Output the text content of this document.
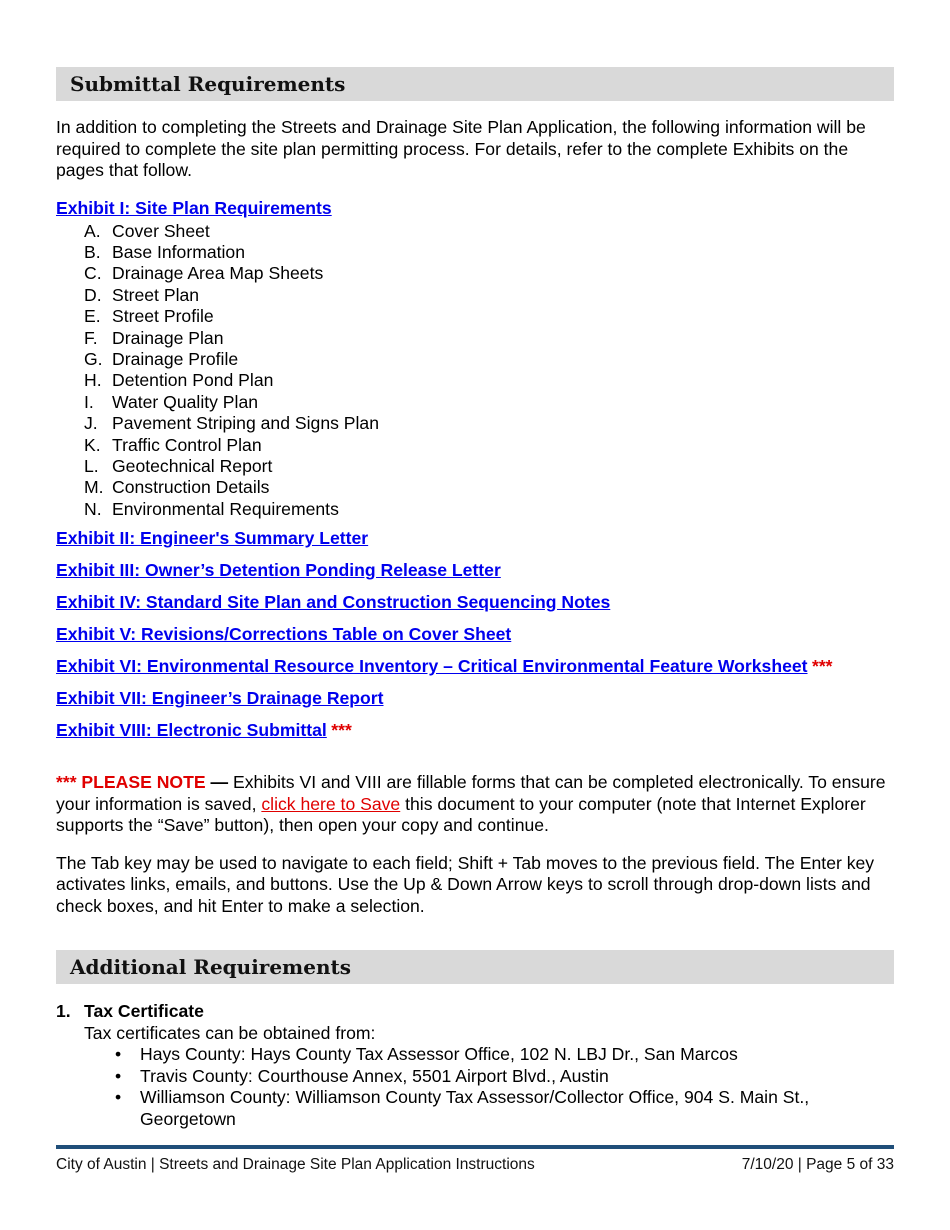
Submittal Requirements

In addition to completing the Streets and Drainage Site Plan Application, the following information will be required to complete the site plan permitting process. For details, refer to the complete Exhibits on the pages that follow.

Exhibit I: Site Plan Requirements
A. Cover Sheet
B. Base Information
C. Drainage Area Map Sheets
D. Street Plan
E. Street Profile
F. Drainage Plan
G. Drainage Profile
H. Detention Pond Plan
I.	Water Quality Plan
J. Pavement Striping and Signs Plan
K. Traffic Control Plan
L. Geotechnical Report
M. Construction Details
N. Environmental Requirements
Exhibit II: Engineer's Summary Letter
Exhibit III: Owner’s Detention Ponding Release Letter
Exhibit IV: Standard Site Plan and Construction Sequencing Notes
Exhibit V: Revisions/Corrections Table on Cover Sheet
Exhibit VI: Environmental Resource Inventory – Critical Environmental Feature Worksheet ***
Exhibit VII: Engineer’s Drainage Report
Exhibit VIII: Electronic Submittal ***

*** PLEASE NOTE — Exhibits VI and VIII are fillable forms that can be completed electronically. To ensure your information is saved, click here to Save this document to your computer (note that Internet Explorer supports the “Save” button), then open your copy and continue.

The Tab key may be used to navigate to each field; Shift + Tab moves to the previous field. The Enter key activates links, emails, and buttons. Use the Up & Down Arrow keys to scroll through drop-down lists and check boxes, and hit Enter to make a selection.

Additional Requirements
1. Tax Certificate
Tax certificates can be obtained from:
•	Hays County: Hays County Tax Assessor Office, 102 N. LBJ Dr., San Marcos
•	Travis County: Courthouse Annex, 5501 Airport Blvd., Austin
•	Williamson County: Williamson County Tax Assessor/Collector Office, 904 S. Main St., Georgetown
City of Austin | Streets and Drainage Site Plan Application Instructions	7/10/20 | Page 5 of 33
